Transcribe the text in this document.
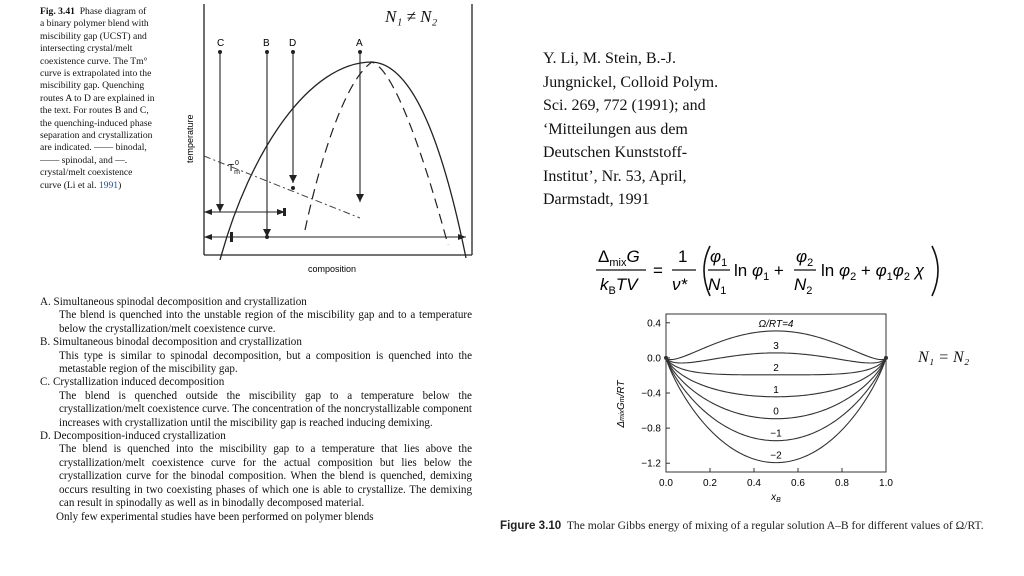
Fig. 3.41 Phase diagram of
a binary polymer blend with
miscibility gap (UCST) and
intersecting crystal/melt
coexistence curve. The Tm°
curve is extrapolated into the
miscibility gap. Quenching
routes A to D are explained in
the text. For routes B and C,
the quenching-induced phase
separation and crystallization
are indicated. —— binodal,
—— spinodal, and —.
crystal/melt coexistence
curve (Li et al. 1991)
C	B D	A
temperature
composition
$T_m0$
N₁ ≠ N₂
Y. Li, M. Stein, B.-J.
Jungnickel, Colloid Polym.
Sci. 269, 772 (1991); and
‘Mitteilungen aus dem
Deutschen Kunststoff-
Institut’, Nr. 53, April,
Darmstadt, 1991
$\Delta_{mix}G$
$k_BTV$
=
1
ν*
$\varphi_1$
$N_1$
$\ln \varphi_1$ +
$\varphi_2$
$N_2$
$\ln \varphi_2 + \varphi_1\varphi_2$ χ
0.0	0.2	0.4	0.6	0.8	1.0
0.4
0.0
−0.4
−0.8
−1.2
Ω/RT=4
3
2
1
0
−1
−2
ΔmixGm/RT
$x_B$
N₁ = N₂

A. Simultaneous spinodal decomposition and crystallization

The blend is quenched into the unstable region of the miscibility gap and to a temperature below the crystallization/melt coexistence curve.

B. Simultaneous binodal decomposition and crystallization

This type is similar to spinodal decomposition, but a composition is quenched into the metastable region of the miscibility gap.

C. Crystallization induced decomposition

The blend is quenched outside the miscibility gap to a temperature below the crystallization/melt coexistence curve. The concentration of the noncrystallizable component increases with crystallization until the miscibility gap is reached inducing demixing.

D. Decomposition-induced crystallization

The blend is quenched into the miscibility gap to a temperature that lies above the crystallization/melt coexistence curve for the actual composition but lies below the crystallization curve for the binodal composition. When the blend is quenched, demixing occurs resulting in two coexisting phases of which one is able to crystallize. The demixing can result in spinodally as well as in binodally decomposed material.

Only few experimental studies have been performed on polymer blends

Figure 3.10 The molar Gibbs energy of mixing of a regular solution A–B for different values of Ω/RT.
